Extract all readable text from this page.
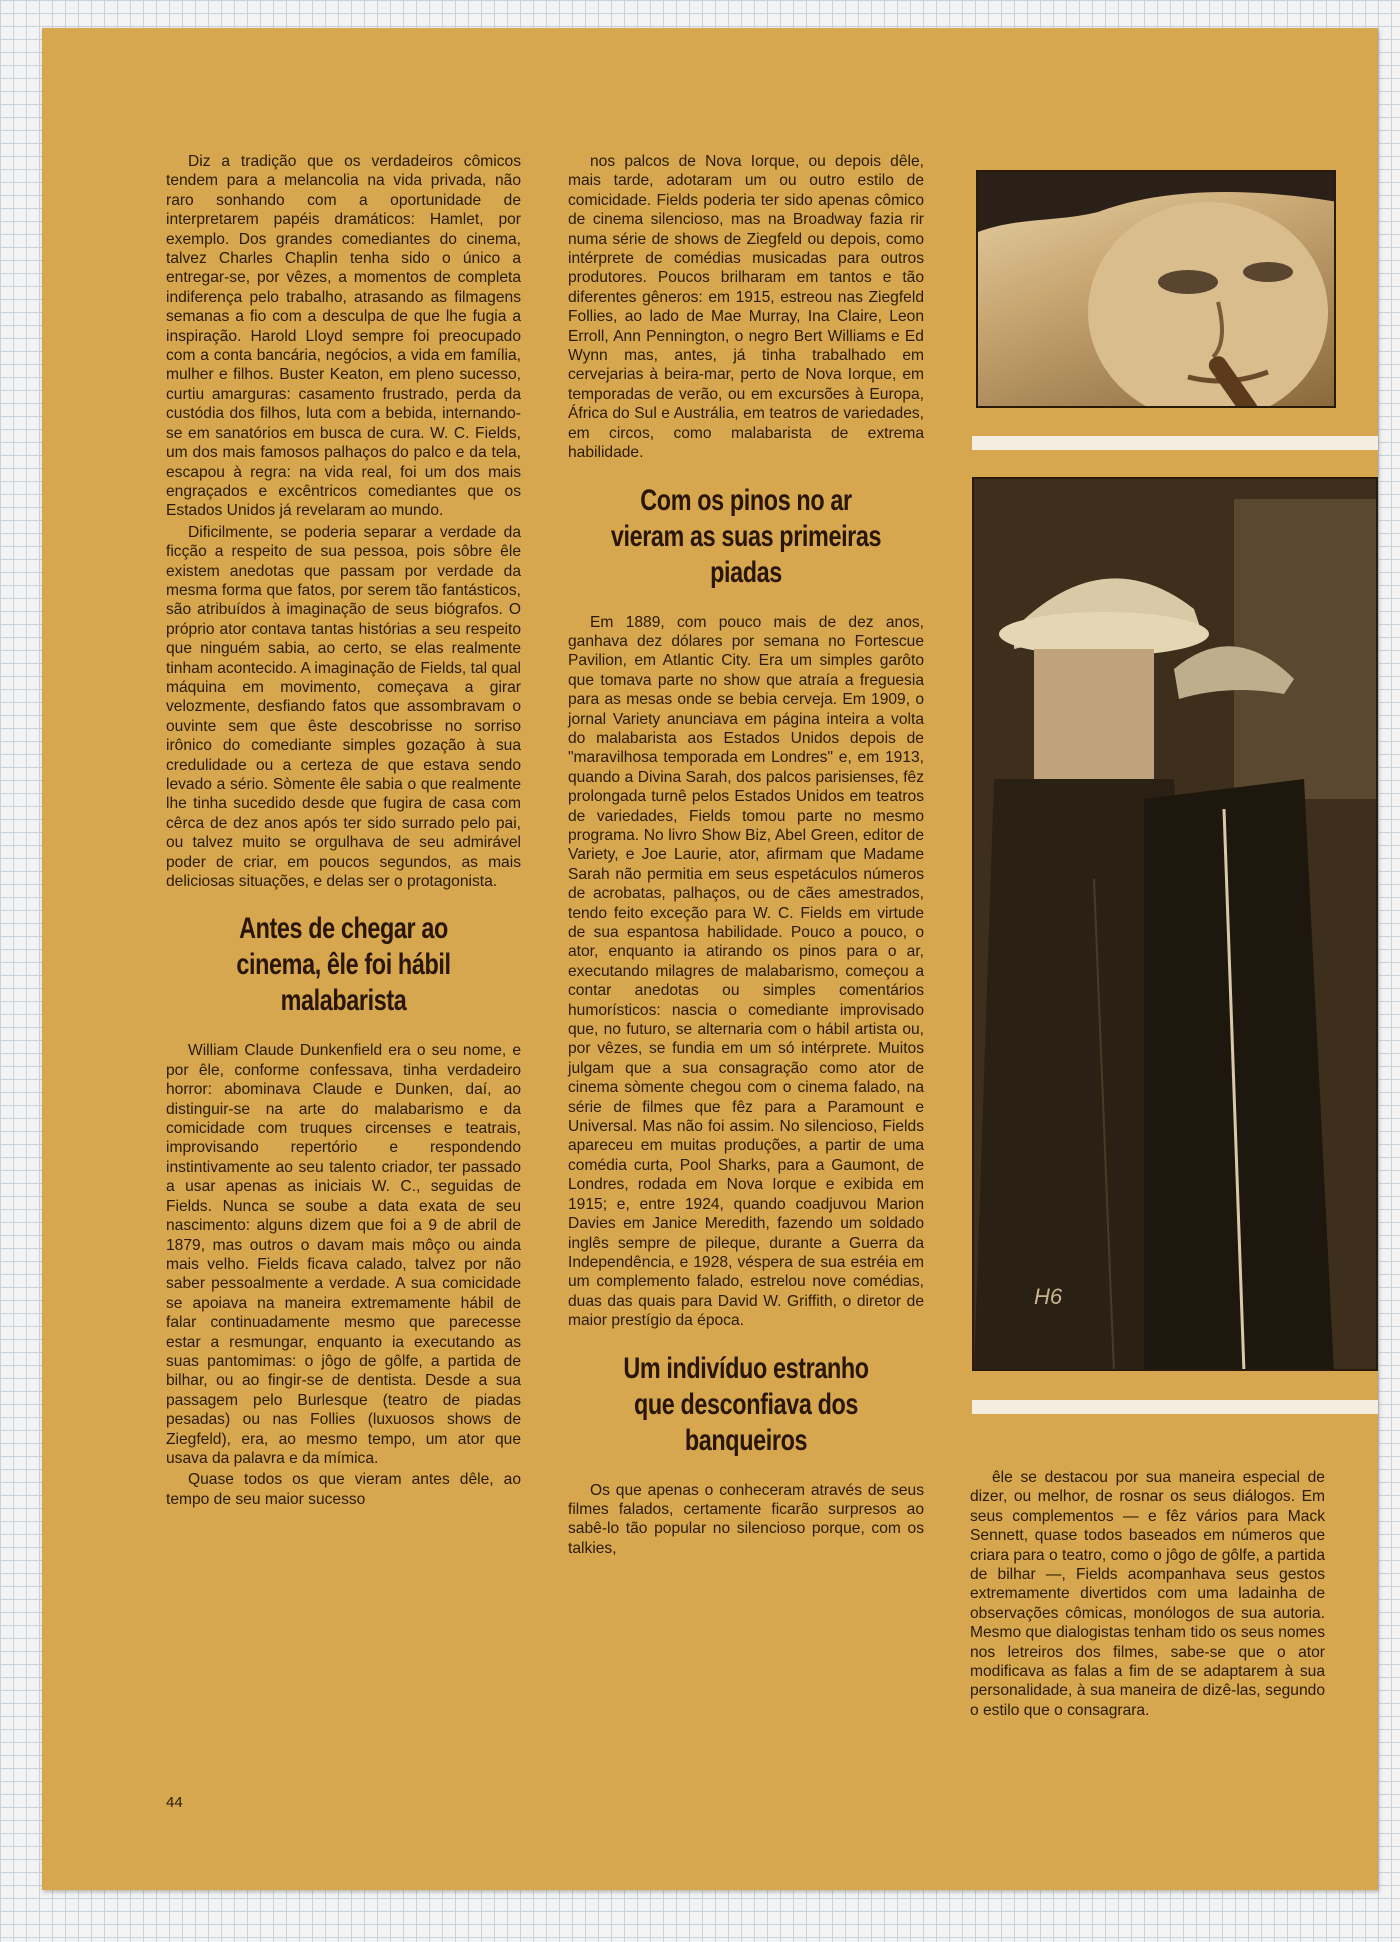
Diz a tradição que os verdadeiros cômicos tendem para a melancolia na vida privada, não raro sonhando com a oportunidade de interpretarem papéis dramáticos: Hamlet, por exemplo. Dos grandes comediantes do cinema, talvez Charles Chaplin tenha sido o único a entregar-se, por vêzes, a momentos de completa indiferença pelo trabalho, atrasando as filmagens semanas a fio com a desculpa de que lhe fugia a inspiração. Harold Lloyd sempre foi preocupado com a conta bancária, negócios, a vida em família, mulher e filhos. Buster Keaton, em pleno sucesso, curtiu amarguras: casamento frustrado, perda da custódia dos filhos, luta com a bebida, internando-se em sanatórios em busca de cura. W. C. Fields, um dos mais famosos palhaços do palco e da tela, escapou à regra: na vida real, foi um dos mais engraçados e excêntricos comediantes que os Estados Unidos já revelaram ao mundo.

Dificilmente, se poderia separar a verdade da ficção a respeito de sua pessoa, pois sôbre êle existem anedotas que passam por verdade da mesma forma que fatos, por serem tão fantásticos, são atribuídos à imaginação de seus biógrafos. O próprio ator contava tantas histórias a seu respeito que ninguém sabia, ao certo, se elas realmente tinham acontecido. A imaginação de Fields, tal qual máquina em movimento, começava a girar velozmente, desfiando fatos que assombravam o ouvinte sem que êste descobrisse no sorriso irônico do comediante simples gozação à sua credulidade ou a certeza de que estava sendo levado a sério. Sòmente êle sabia o que realmente lhe tinha sucedido desde que fugira de casa com cêrca de dez anos após ter sido surrado pelo pai, ou talvez muito se orgulhava de seu admirável poder de criar, em poucos segundos, as mais deliciosas situações, e delas ser o protagonista.

Antes de chegar ao cinema, êle foi hábil malabarista

William Claude Dunkenfield era o seu nome, e por êle, conforme confessava, tinha verdadeiro horror: abominava Claude e Dunken, daí, ao distinguir-se na arte do malabarismo e da comicidade com truques circenses e teatrais, improvisando repertório e respondendo instintivamente ao seu talento criador, ter passado a usar apenas as iniciais W. C., seguidas de Fields. Nunca se soube a data exata de seu nascimento: alguns dizem que foi a 9 de abril de 1879, mas outros o davam mais môço ou ainda mais velho. Fields ficava calado, talvez por não saber pessoalmente a verdade. A sua comicidade se apoiava na maneira extremamente hábil de falar continuadamente mesmo que parecesse estar a resmungar, enquanto ia executando as suas pantomimas: o jôgo de gôlfe, a partida de bilhar, ou ao fingir-se de dentista. Desde a sua passagem pelo Burlesque (teatro de piadas pesadas) ou nas Follies (luxuosos shows de Ziegfeld), era, ao mesmo tempo, um ator que usava da palavra e da mímica.

Quase todos os que vieram antes dêle, ao tempo de seu maior sucesso

nos palcos de Nova Iorque, ou depois dêle, mais tarde, adotaram um ou outro estilo de comicidade. Fields poderia ter sido apenas cômico de cinema silencioso, mas na Broadway fazia rir numa série de shows de Ziegfeld ou depois, como intérprete de comédias musicadas para outros produtores. Poucos brilharam em tantos e tão diferentes gêneros: em 1915, estreou nas Ziegfeld Follies, ao lado de Mae Murray, Ina Claire, Leon Erroll, Ann Pennington, o negro Bert Williams e Ed Wynn mas, antes, já tinha trabalhado em cervejarias à beira-mar, perto de Nova Iorque, em temporadas de verão, ou em excursões à Europa, África do Sul e Austrália, em teatros de variedades, em circos, como malabarista de extrema habilidade.

Com os pinos no ar vieram as suas primeiras piadas

Em 1889, com pouco mais de dez anos, ganhava dez dólares por semana no Fortescue Pavilion, em Atlantic City. Era um simples garôto que tomava parte no show que atraía a freguesia para as mesas onde se bebia cerveja. Em 1909, o jornal Variety anunciava em página inteira a volta do malabarista aos Estados Unidos depois de "maravilhosa temporada em Londres" e, em 1913, quando a Divina Sarah, dos palcos parisienses, fêz prolongada turnê pelos Estados Unidos em teatros de variedades, Fields tomou parte no mesmo programa. No livro Show Biz, Abel Green, editor de Variety, e Joe Laurie, ator, afirmam que Madame Sarah não permitia em seus espetáculos números de acrobatas, palhaços, ou de cães amestrados, tendo feito exceção para W. C. Fields em virtude de sua espantosa habilidade. Pouco a pouco, o ator, enquanto ia atirando os pinos para o ar, executando milagres de malabarismo, começou a contar anedotas ou simples comentários humorísticos: nascia o comediante improvisado que, no futuro, se alternaria com o hábil artista ou, por vêzes, se fundia em um só intérprete. Muitos julgam que a sua consagração como ator de cinema sòmente chegou com o cinema falado, na série de filmes que fêz para a Paramount e Universal. Mas não foi assim. No silencioso, Fields apareceu em muitas produções, a partir de uma comédia curta, Pool Sharks, para a Gaumont, de Londres, rodada em Nova Iorque e exibida em 1915; e, entre 1924, quando coadjuvou Marion Davies em Janice Meredith, fazendo um soldado inglês sempre de pileque, durante a Guerra da Independência, e 1928, véspera de sua estréia em um complemento falado, estrelou nove comédias, duas das quais para David W. Griffith, o diretor de maior prestígio da época.

Um indivíduo estranho que desconfiava dos banqueiros

Os que apenas o conheceram através de seus filmes falados, certamente ficarão surpresos ao sabê-lo tão popular no silencioso porque, com os talkies,

êle se destacou por sua maneira especial de dizer, ou melhor, de rosnar os seus diálogos. Em seus complementos — e fêz vários para Mack Sennett, quase todos baseados em números que criara para o teatro, como o jôgo de gôlfe, a partida de bilhar —, Fields acompanhava seus gestos extremamente divertidos com uma ladainha de observações cômicas, monólogos de sua autoria. Mesmo que dialogistas tenham tido os seus nomes nos letreiros dos filmes, sabe-se que o ator modificava as falas a fim de se adaptarem à sua personalidade, à sua maneira de dizê-las, segundo o estilo que o consagrara.

H6
44
